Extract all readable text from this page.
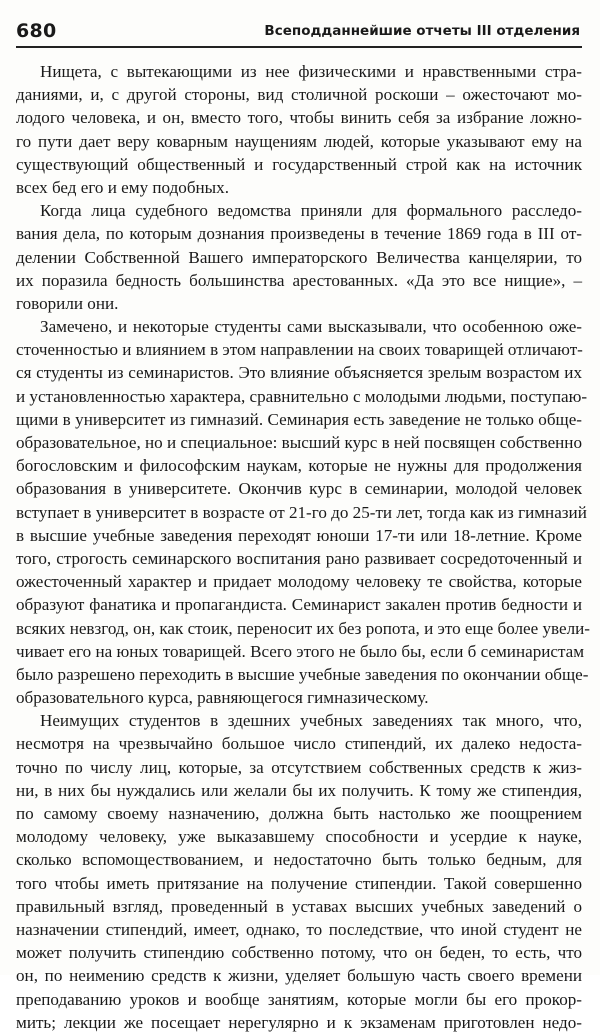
680	Всеподданнейшие отчеты III отделения
Нищета, с вытекающими из нее физическими и нравственными стра-
даниями, и, с другой стороны, вид столичной роскоши – ожесточают мо-
лодого человека, и он, вместо того, чтобы винить себя за избрание ложно-
го пути дает веру коварным наущениям людей, которые указывают ему на
существующий общественный и государственный строй как на источник
всех бед его и ему подобных.
Когда лица судебного ведомства приняли для формального расследо-
вания дела, по которым дознания произведены в течение 1869 года в III от-
делении Собственной Вашего императорского Величества канцелярии, то
их поразила бедность большинства арестованных. «Да это все нищие», –
говорили они.
Замечено, и некоторые студенты сами высказывали, что особенною оже-
сточенностью и влиянием в этом направлении на своих товарищей отличают-
ся студенты из семинаристов. Это влияние объясняется зрелым возрастом их
и установленностью характера, сравнительно с молодыми людьми, поступаю-
щими в университет из гимназий. Семинария есть заведение не только обще-
образовательное, но и специальное: высший курс в ней посвящен собственно
богословским и философским наукам, которые не нужны для продолжения
образования в университете. Окончив курс в семинарии, молодой человек
вступает в университет в возрасте от 21-го до 25-ти лет, тогда как из гимназий
в высшие учебные заведения переходят юноши 17-ти или 18-летние. Кроме
того, строгость семинарского воспитания рано развивает сосредоточенный и
ожесточенный характер и придает молодому человеку те свойства, которые
образуют фанатика и пропагандиста. Семинарист закален против бедности и
всяких невзгод, он, как стоик, переносит их без ропота, и это еще более увели-
чивает его на юных товарищей. Всего этого не было бы, если б семинаристам
было разрешено переходить в высшие учебные заведения по окончании обще-
образовательного курса, равняющегося гимназическому.
Неимущих студентов в здешних учебных заведениях так много, что,
несмотря на чрезвычайно большое число стипендий, их далеко недоста-
точно по числу лиц, которые, за отсутствием собственных средств к жиз-
ни, в них бы нуждались или желали бы их получить. К тому же стипендия,
по самому своему назначению, должна быть настолько же поощрением
молодому человеку, уже выказавшему способности и усердие к науке,
сколько вспомоществованием, и недостаточно быть только бедным, для
того чтобы иметь притязание на получение стипендии. Такой совершенно
правильный взгляд, проведенный в уставах высших учебных заведений о
назначении стипендий, имеет, однако, то последствие, что иной студент не
может получить стипендию собственно потому, что он беден, то есть, что
он, по неимению средств к жизни, уделяет большую часть своего времени
преподаванию уроков и вообще занятиям, которые могли бы его прокор-
мить; лекции же посещает нерегулярно и к экзаменам приготовлен недо-
